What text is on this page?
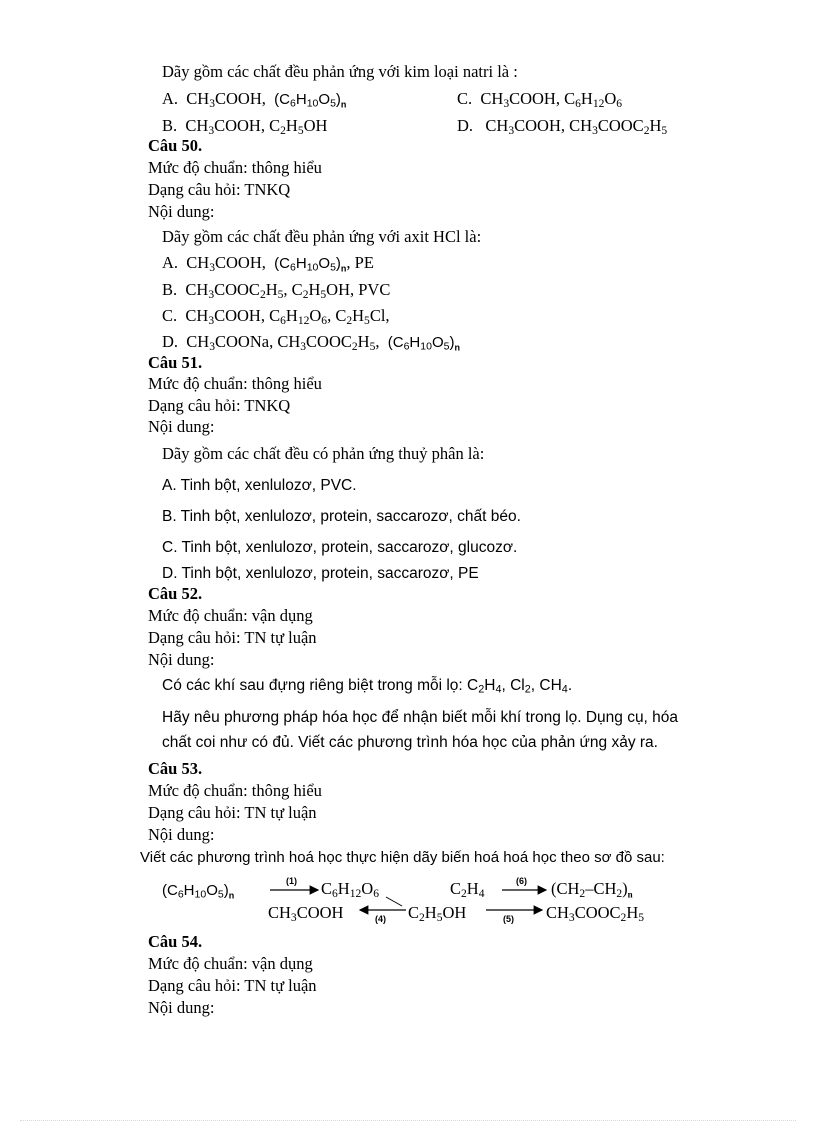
Dãy gồm các chất đều phản ứng với kim loại natri là :
A. $CH_3COOH$,  $(C_6H_{10}O_5)_n$	C. $CH_3COOH$, $C_6H_{12}O_6$
B. $CH_3COOH$, $C_2H_5OH$	D. $CH_3COOH$, $CH_3COOC_2H_5$
Câu 50.
Mức độ chuẩn: thông hiểu
Dạng câu hỏi: TNKQ
Nội dung:
Dãy gồm các chất đều phản ứng với axit HCl là:
A. $CH_3COOH$,  $(C_6H_{10}O_5)_n$, PE
B. $CH_3COOC_2H_5$, $C_2H_5OH$, PVC
C. $CH_3COOH$, $C_6H_{12}O_6$, $C_2H_5Cl$,
D. $CH_3COONa$, $CH_3COOC_2H_5$,  $(C_6H_{10}O_5)_n$
Câu 51.
Mức độ chuẩn: thông hiểu
Dạng câu hỏi: TNKQ
Nội dung:
Dãy gồm các chất đều có phản ứng thuỷ phân là:
A. Tinh bột, xenlulozơ, PVC.
B. Tinh bột, xenlulozơ, protein, saccarozơ, chất béo.
C. Tinh bột, xenlulozơ, protein, saccarozơ, glucozơ.
D. Tinh bột, xenlulozơ, protein, saccarozơ, PE
Câu 52.
Mức độ chuẩn: vận dụng
Dạng câu hỏi: TN tự luận
Nội dung:
Có các khí sau đựng riêng biệt trong mỗi lọ: $C_2H_4$, $Cl_2$, $CH_4$.
Hãy nêu phương pháp hóa học để nhận biết mỗi khí trong lọ. Dụng cụ, hóa
chất coi như có đủ. Viết các phương trình hóa học của phản ứng xảy ra.
Câu 53.
Mức độ chuẩn: thông hiểu
Dạng câu hỏi: TN tự luận
Nội dung:
Viết các phương trình hoá học thực hiện dãy biến hoá hoá học theo sơ đồ sau:
$(C_6H_{10}O_5)_n$	$C_6H_{12}O_6$	$C_2H_4$	$(CH_2-CH_2)_n$
$CH_3COOH$	$C_2H_5OH$	$CH_3COOC_2H_5$
(1)	(6)
(4)	(5)
Câu 54.
Mức độ chuẩn: vận dụng
Dạng câu hỏi: TN tự luận
Nội dung:
